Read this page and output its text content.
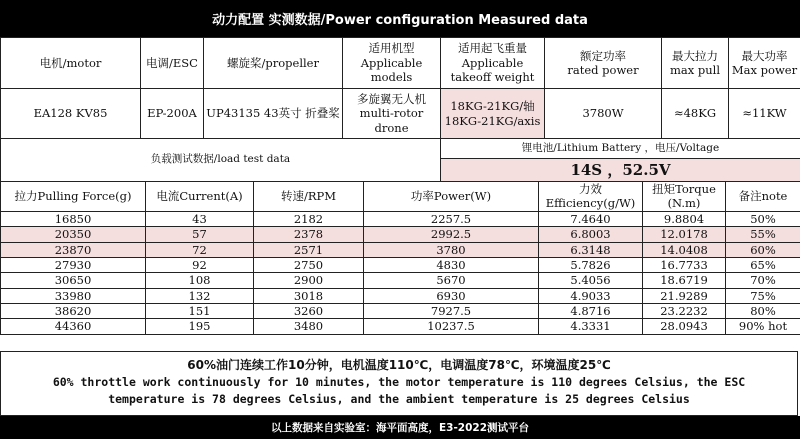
动力配置 实测数据/Power configuration Measured data
电机/motor	电调/ESC	螺旋桨/propeller	适用机型
Applicable
models	适用起飞重量
Applicable
takeoff weight	额定功率
rated power	最大拉力
max pull	最大功率
Max power
EA128 KV85	EP-200A	UP43135 43英寸 折叠桨	多旋翼无人机
multi-rotor
drone	18KG-21KG/轴
18KG-21KG/axis	3780W	≈48KG	≈11KW
负载测试数据/load test data				锂电池/Lithium Battery ，电压/Voltage			
				14S ，52.5V			
拉力Pulling Force(g)	电流Current(A)	转速/RPM	功率Power(W)	力效
Efficiency(g/W)	扭矩Torque
(N.m)	备注note
16850	43	2182	2257.5	7.4640	9.8804	50%
20350	57	2378	2992.5	6.8003	12.0178	55%
23870	72	2571	3780	6.3148	14.0408	60%
27930	92	2750	4830	5.7826	16.7733	65%
30650	108	2900	5670	5.4056	18.6719	70%
33980	132	3018	6930	4.9033	21.9289	75%
38620	151	3260	7927.5	4.8716	23.2232	80%
44360	195	3480	10237.5	4.3331	28.0943	90% hot
60%油门连续工作10分钟，电机温度110℃，电调温度78℃，环境温度25℃
60% throttle work continuously for 10 minutes, the motor temperature is 110 degrees Celsius, the ESC
temperature is 78 degrees Celsius, and the ambient temperature is 25 degrees Celsius
以上数据来自实验室：海平面高度，E3-2022测试平台
